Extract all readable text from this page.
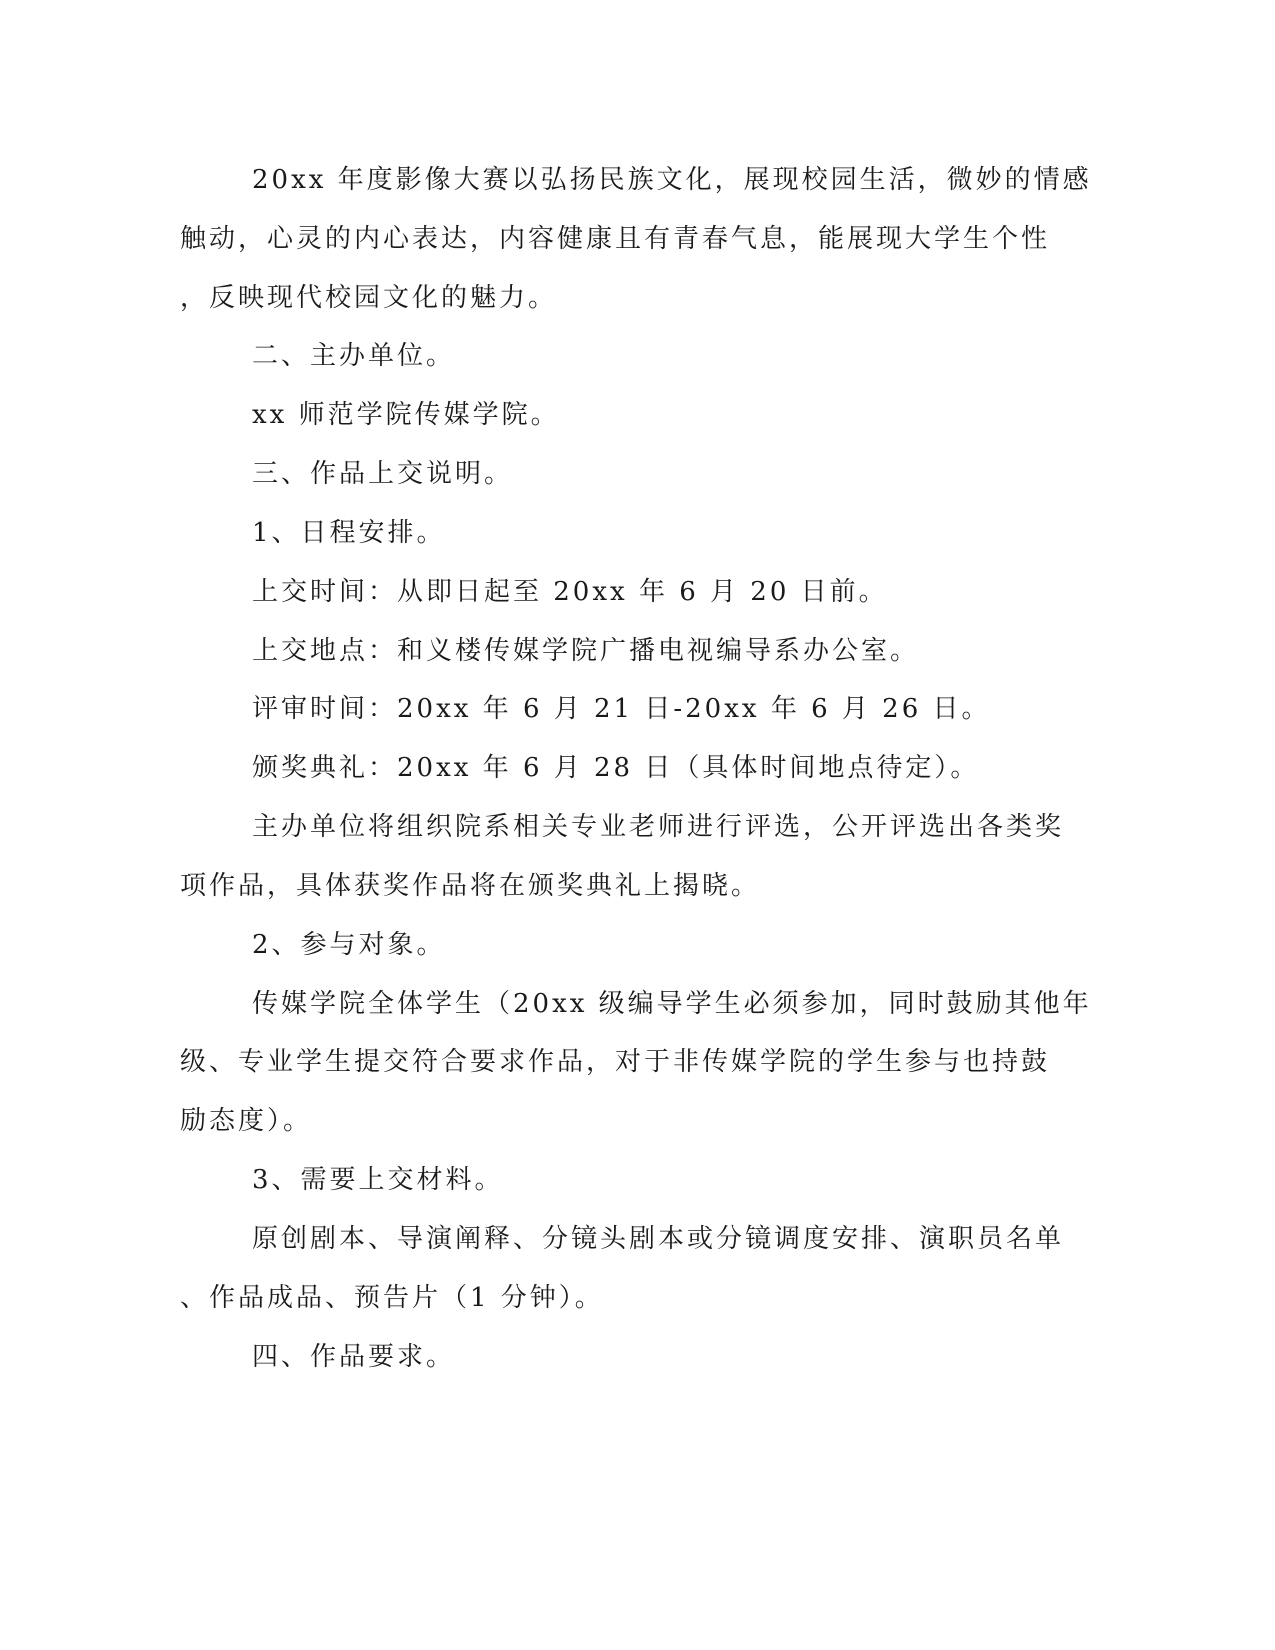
20xx 年度影像大赛以弘扬民族文化，展现校园生活，微妙的情感
触动，心灵的内心表达，内容健康且有青春气息，能展现大学生个性
，反映现代校园文化的魅力。
二、主办单位。
xx 师范学院传媒学院。
三、作品上交说明。
1、日程安排。
上交时间：从即日起至 20xx 年 6 月 20 日前。
上交地点：和义楼传媒学院广播电视编导系办公室。
评审时间：20xx 年 6 月 21 日-20xx 年 6 月 26 日。
颁奖典礼：20xx 年 6 月 28 日（具体时间地点待定）。
主办单位将组织院系相关专业老师进行评选，公开评选出各类奖
项作品，具体获奖作品将在颁奖典礼上揭晓。
2、参与对象。
传媒学院全体学生（20xx 级编导学生必须参加，同时鼓励其他年
级、专业学生提交符合要求作品，对于非传媒学院的学生参与也持鼓
励态度）。
3、需要上交材料。
原创剧本、导演阐释、分镜头剧本或分镜调度安排、演职员名单
、作品成品、预告片（1 分钟）。
四、作品要求。
